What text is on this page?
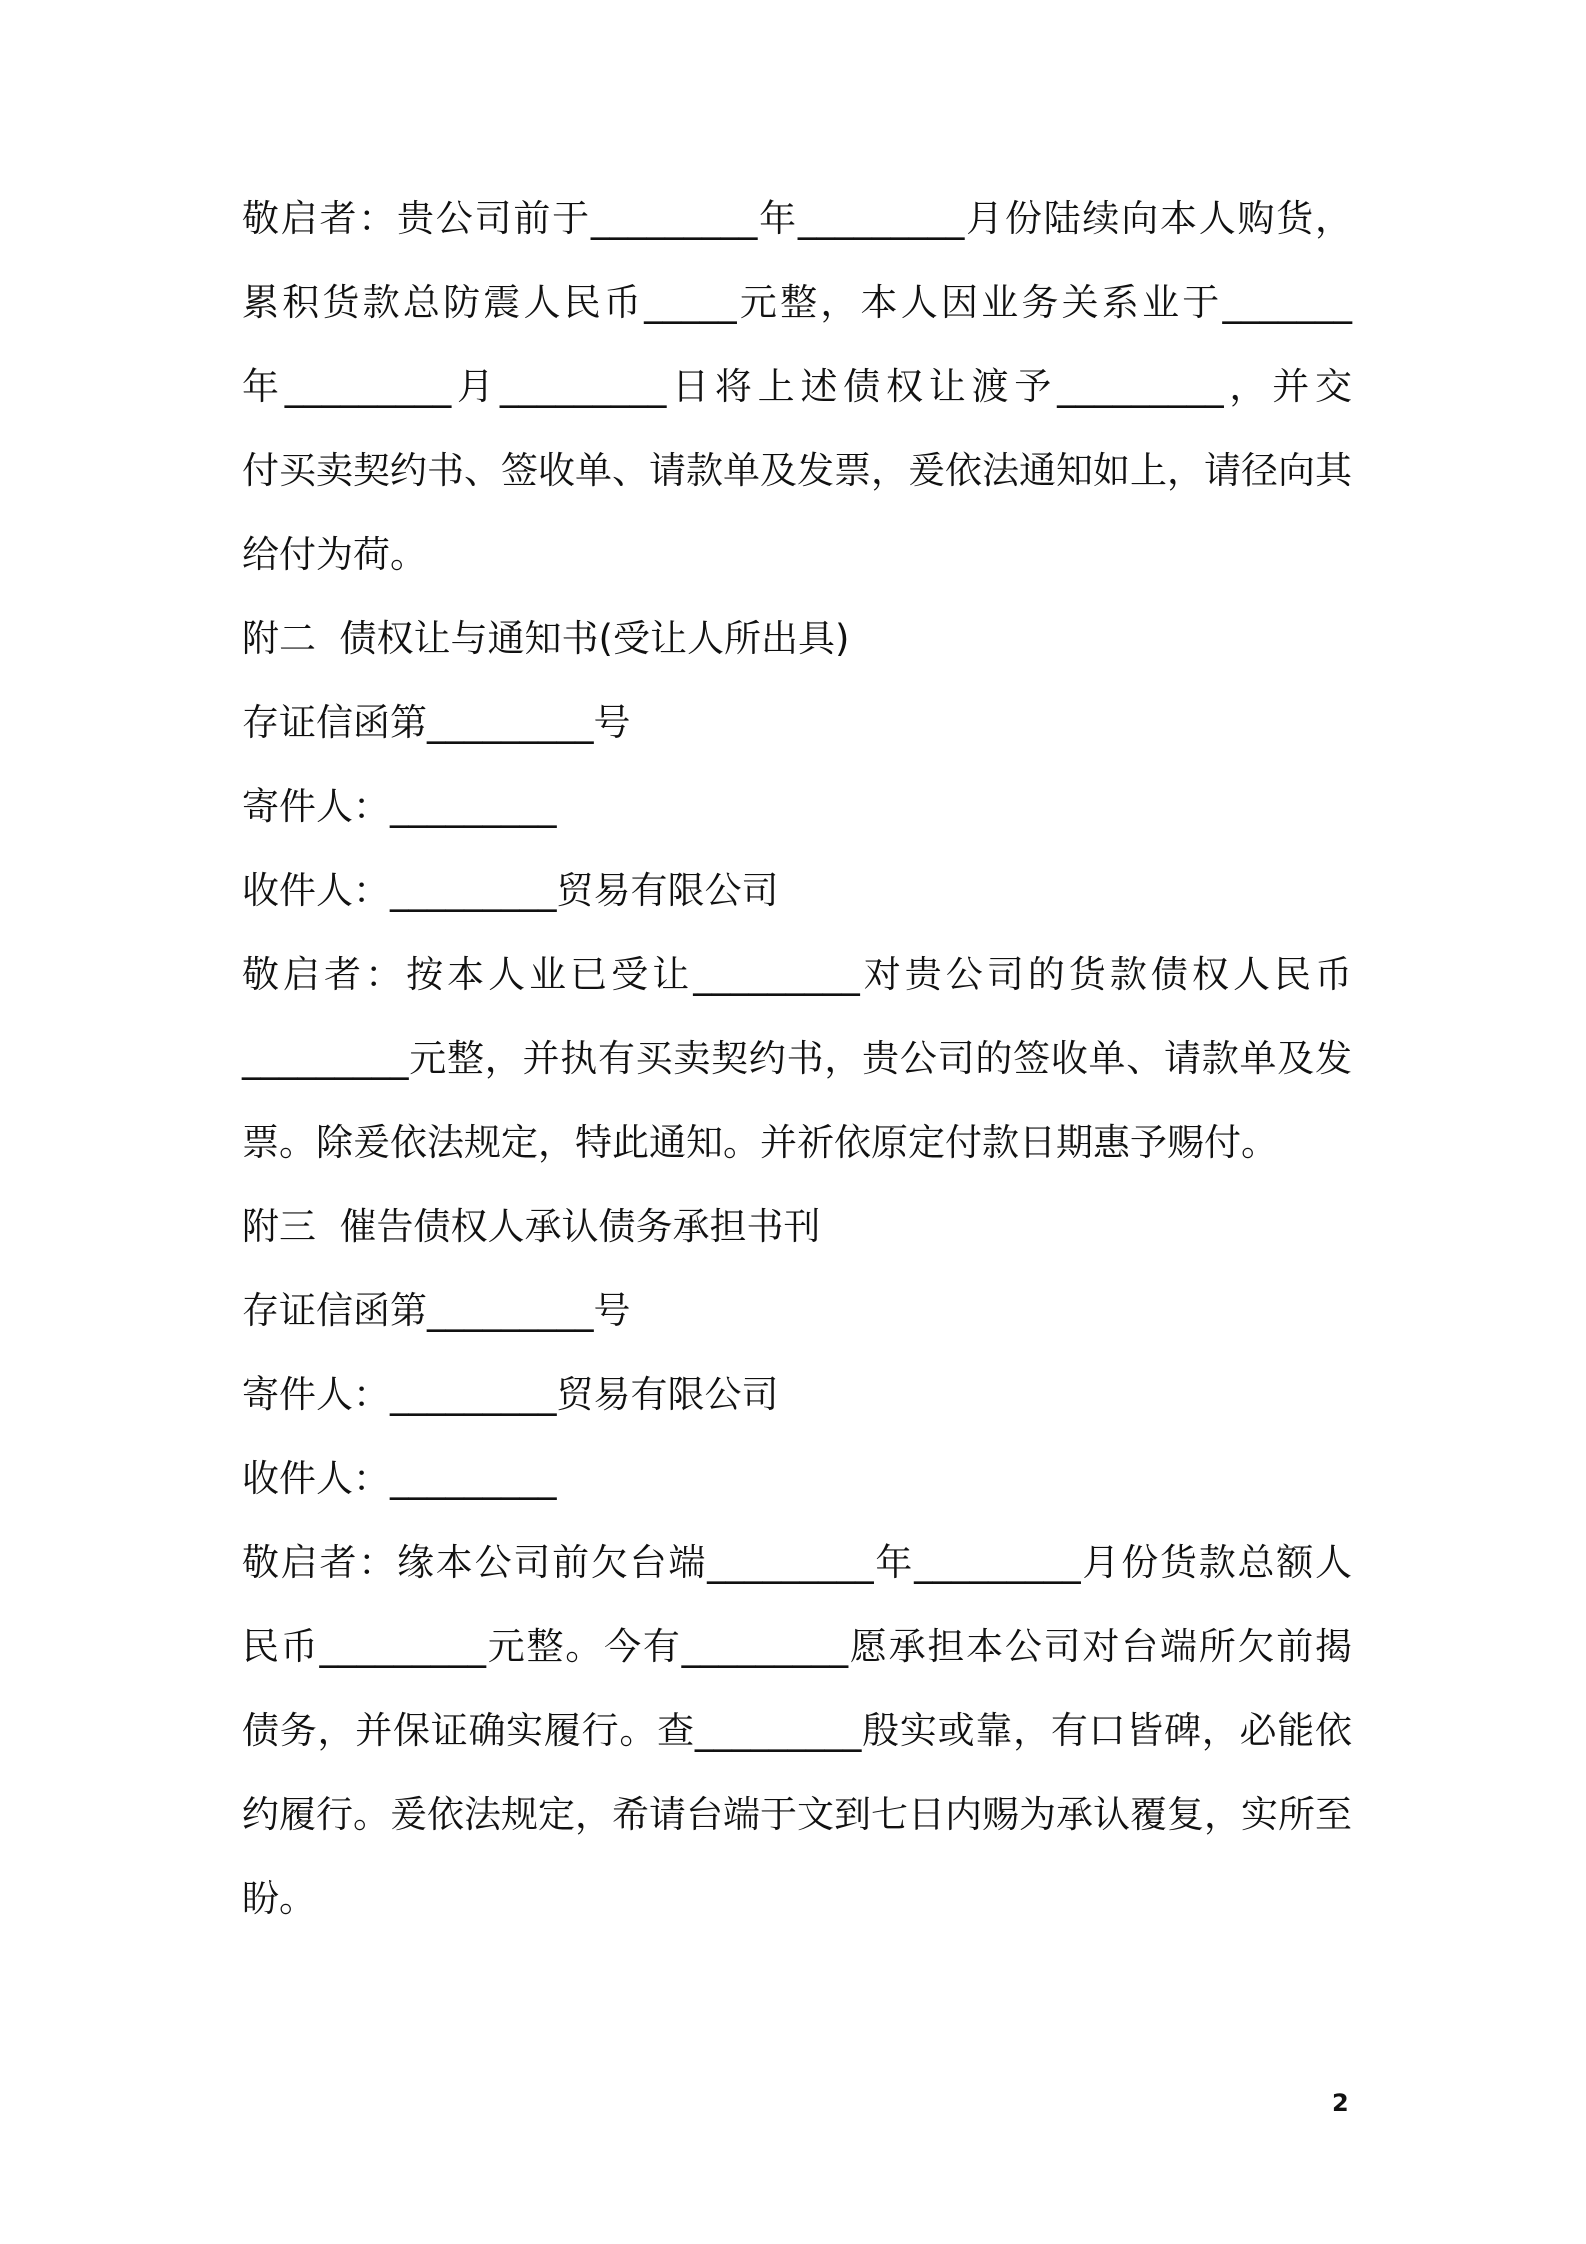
敬启者：贵公司前于_________年_________月份陆续向本人购货，
累积货款总防震人民币_____元整，本人因业务关系业于_______
年_________月_________日将上述债权让渡予_________，并交
付买卖契约书、签收单、请款单及发票，爰依法通知如上，请径向其
给付为荷。
附二  债权让与通知书(受让人所出具)
存证信函第_________号
寄件人：_________
收件人：_________贸易有限公司
敬启者：按本人业已受让_________对贵公司的货款债权人民币
_________元整，并执有买卖契约书，贵公司的签收单、请款单及发
票。除爰依法规定，特此通知。并祈依原定付款日期惠予赐付。
附三  催告债权人承认债务承担书刊
存证信函第_________号
寄件人：_________贸易有限公司
收件人：_________
敬启者：缘本公司前欠台端_________年_________月份货款总额人
民币_________元整。今有_________愿承担本公司对台端所欠前揭
债务，并保证确实履行。查_________殷实或靠，有口皆碑，必能依
约履行。爰依法规定，希请台端于文到七日内赐为承认覆复，实所至
盼。
2
